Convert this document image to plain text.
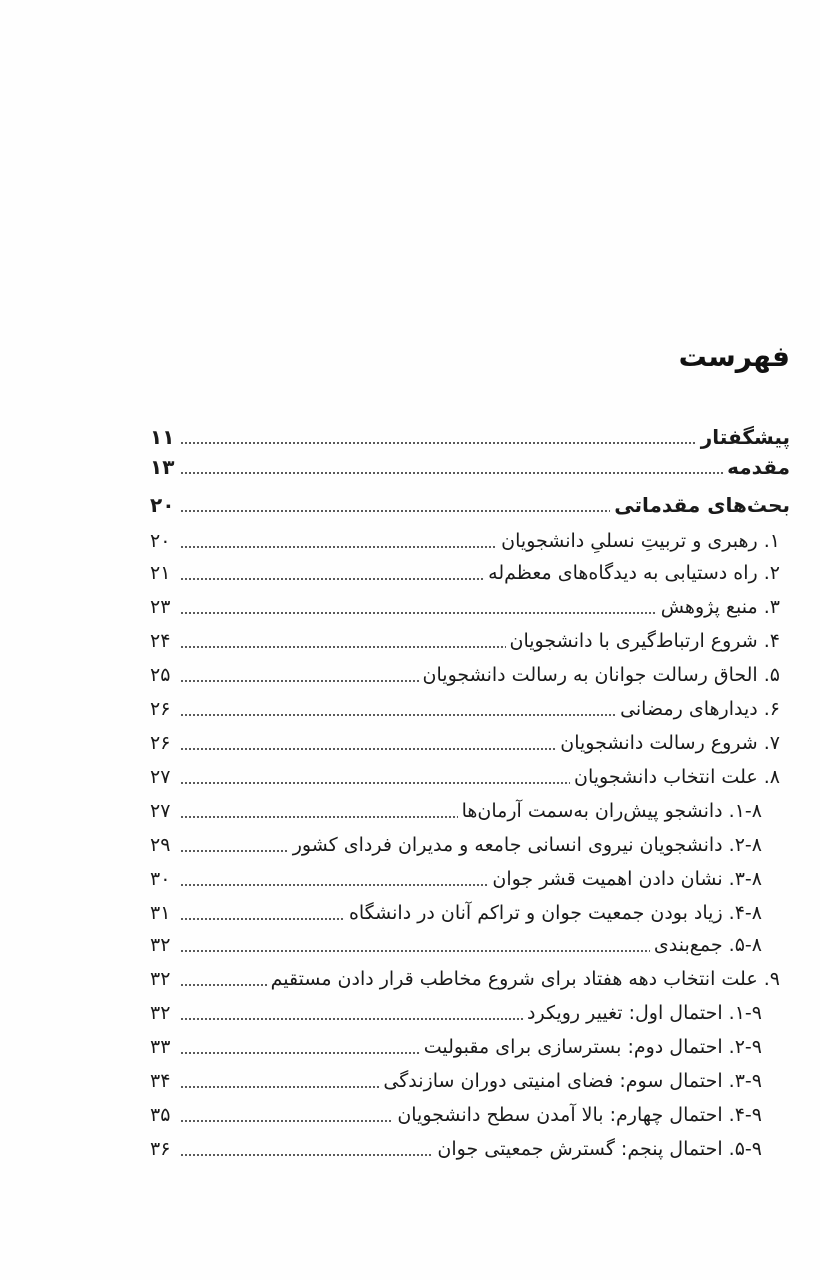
فهرست
پیشگفتار
۱۱
مقدمه
۱۳
بحث‌های مقدماتی
۲۰
۱. رهبری و تربیتِ نسلیِ دانشجویان
۲۰
۲. راه دستیابی به دیدگاه‌های معظم‌له
۲۱
۳. منبع پژوهش
۲۳
۴. شروع ارتباط‌گیری با دانشجویان
۲۴
۵. الحاق رسالت جوانان به رسالت دانشجویان
۲۵
۶. دیدارهای رمضانی
۲۶
۷. شروع رسالت دانشجویان
۲۶
۸. علت انتخاب دانشجویان
۲۷
۱-۸. دانشجو پیش‌ران به‌سمت آرمان‌ها
۲۷
۲-۸. دانشجویان نیروی انسانی جامعه و مدیران فردای کشور
۲۹
۳-۸. نشان دادن اهمیت قشر جوان
۳۰
۴-۸. زیاد بودن جمعیت جوان و تراکم آنان در دانشگاه
۳۱
۵-۸. جمع‌بندی
۳۲
۹. علت انتخاب دهه هفتاد برای شروع مخاطب قرار دادن مستقیم
۳۲
۱-۹. احتمال اول: تغییر رویکرد
۳۲
۲-۹. احتمال دوم: بسترسازی برای مقبولیت
۳۳
۳-۹. احتمال سوم: فضای امنیتی دوران سازندگی
۳۴
۴-۹. احتمال چهارم: بالا آمدن سطح دانشجویان
۳۵
۵-۹. احتمال پنجم: گسترش جمعیتی جوان
۳۶
